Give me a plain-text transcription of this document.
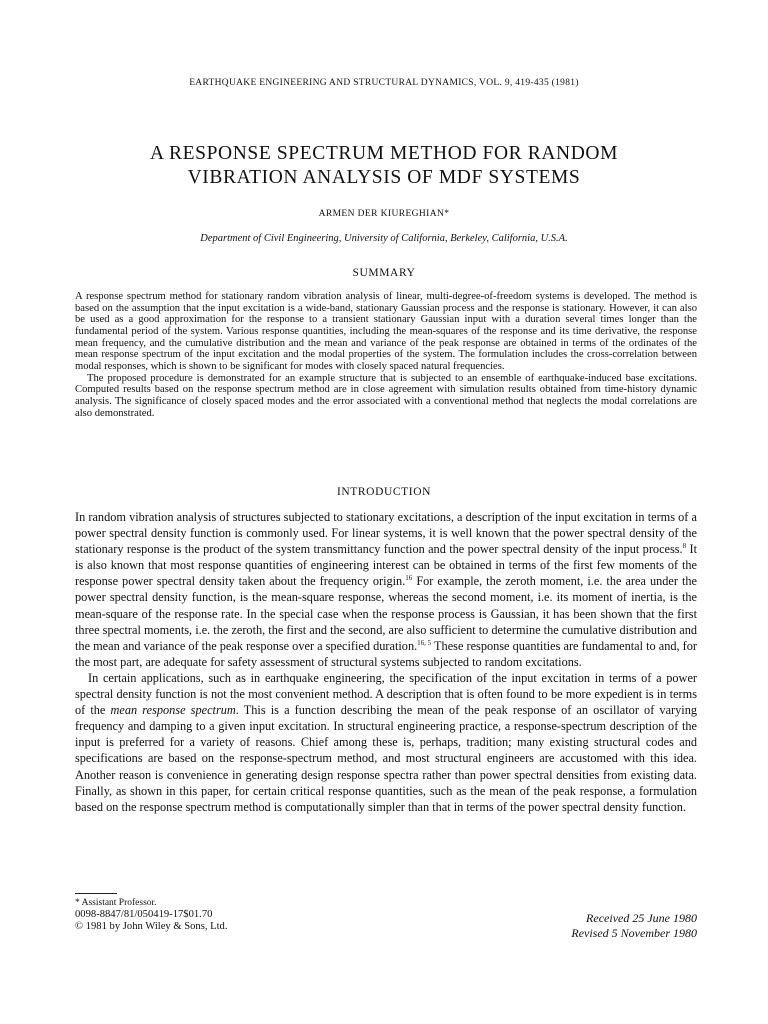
EARTHQUAKE ENGINEERING AND STRUCTURAL DYNAMICS, VOL. 9, 419-435 (1981)
A RESPONSE SPECTRUM METHOD FOR RANDOM
VIBRATION ANALYSIS OF MDF SYSTEMS
ARMEN DER KIUREGHIAN*
Department of Civil Engineering, University of California, Berkeley, California, U.S.A.
SUMMARY

A response spectrum method for stationary random vibration analysis of linear, multi-degree-of-freedom systems is developed. The method is based on the assumption that the input excitation is a wide-band, stationary Gaussian process and the response is stationary. However, it can also be used as a good approximation for the response to a transient stationary Gaussian input with a duration several times longer than the fundamental period of the system. Various response quantities, including the mean-squares of the response and its time derivative, the response mean frequency, and the cumulative distribution and the mean and variance of the peak response are obtained in terms of the ordinates of the mean response spectrum of the input excitation and the modal properties of the system. The formulation includes the cross-correlation between modal responses, which is shown to be significant for modes with closely spaced natural frequencies.

The proposed procedure is demonstrated for an example structure that is subjected to an ensemble of earthquake-induced base excitations. Computed results based on the response spectrum method are in close agreement with simulation results obtained from time-history dynamic analysis. The significance of closely spaced modes and the error associated with a conventional method that neglects the modal correlations are also demonstrated.

INTRODUCTION

In random vibration analysis of structures subjected to stationary excitations, a description of the input excitation in terms of a power spectral density function is commonly used. For linear systems, it is well known that the power spectral density of the stationary response is the product of the system transmittancy function and the power spectral density of the input process.$^8$ It is also known that most response quantities of engineering interest can be obtained in terms of the first few moments of the response power spectral density taken about the frequency origin.$^{16}$ For example, the zeroth moment, i.e. the area under the power spectral density function, is the mean-square response, whereas the second moment, i.e. its moment of inertia, is the mean-square of the response rate. In the special case when the response process is Gaussian, it has been shown that the first three spectral moments, i.e. the zeroth, the first and the second, are also sufficient to determine the cumulative distribution and the mean and variance of the peak response over a specified duration.$^{16, 5}$ These response quantities are fundamental to and, for the most part, are adequate for safety assessment of structural systems subjected to random excitations.

In certain applications, such as in earthquake engineering, the specification of the input excitation in terms of a power spectral density function is not the most convenient method. A description that is often found to be more expedient is in terms of the mean response spectrum. This is a function describing the mean of the peak response of an oscillator of varying frequency and damping to a given input excitation. In structural engineering practice, a response-spectrum description of the input is preferred for a variety of reasons. Chief among these is, perhaps, tradition; many existing structural codes and specifications are based on the response-spectrum method, and most structural engineers are accustomed with this idea. Another reason is convenience in generating design response spectra rather than power spectral densities from existing data. Finally, as shown in this paper, for certain critical response quantities, such as the mean of the peak response, a formulation based on the response spectrum method is computationally simpler than that in terms of the power spectral density function.

* Assistant Professor.
0098-8847/81/050419-17$01.70
© 1981 by John Wiley & Sons, Ltd.
Received 25 June 1980
Revised 5 November 1980
